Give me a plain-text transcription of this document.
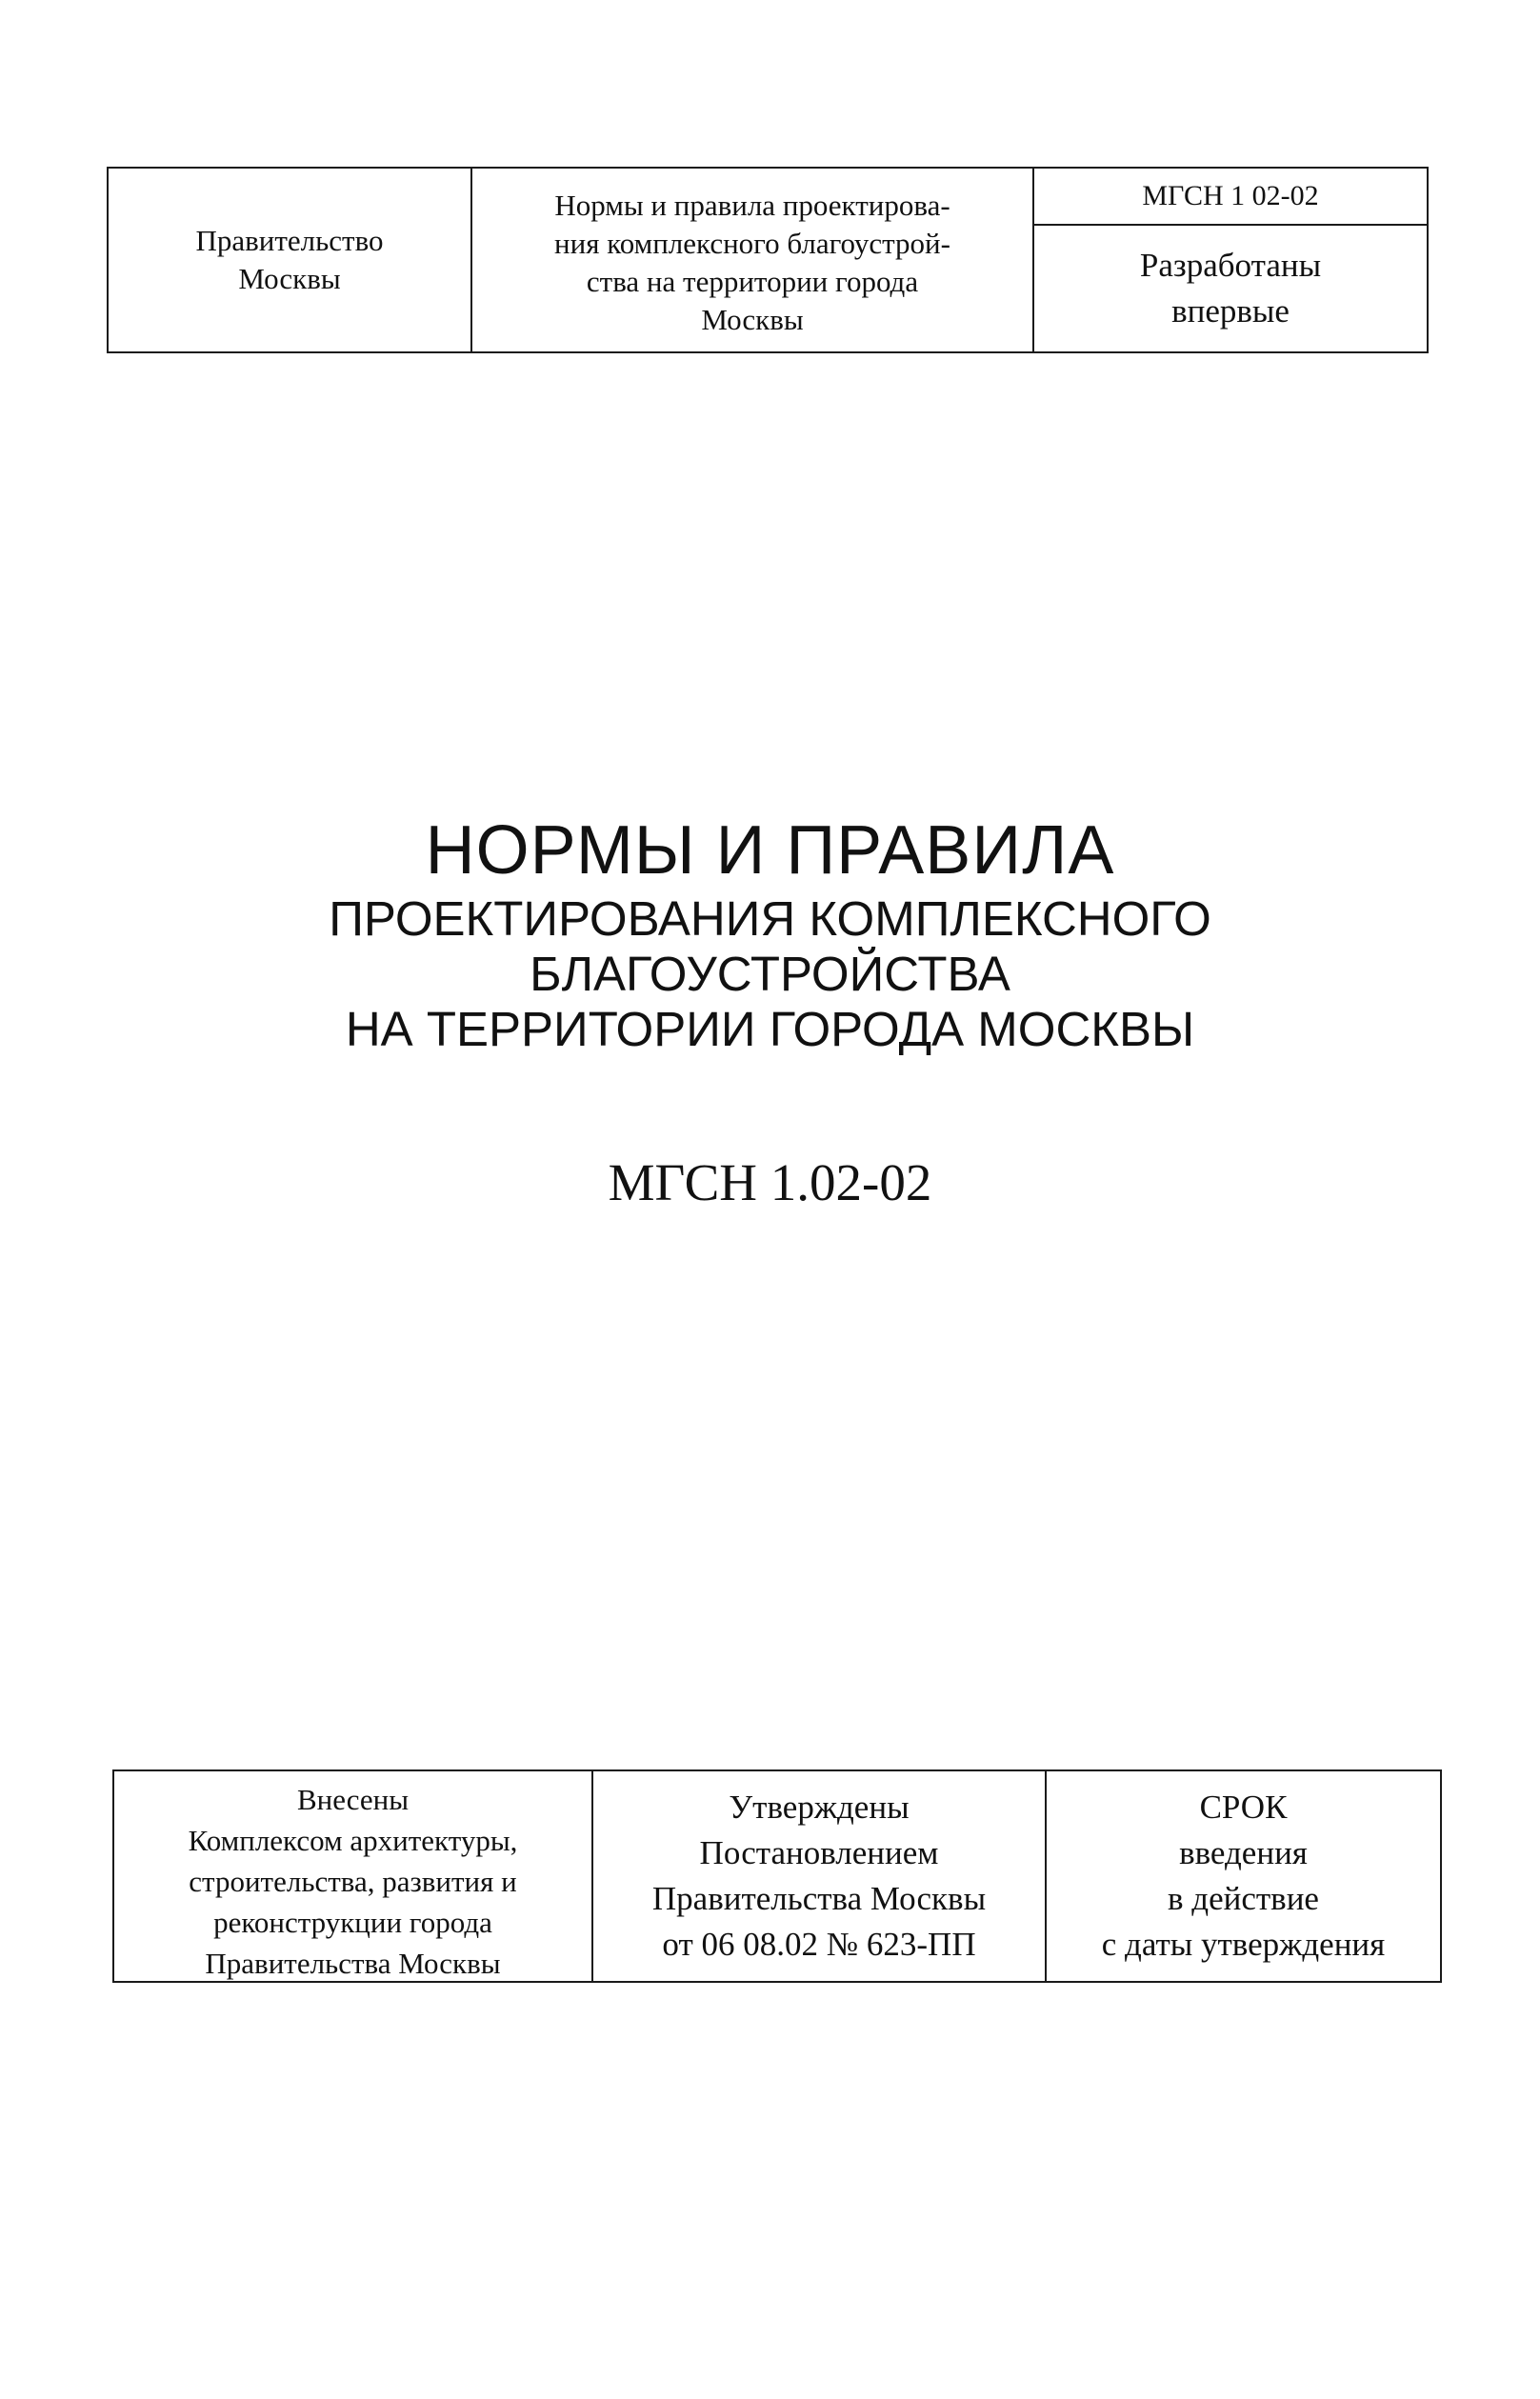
Правительство
Москвы
Нормы и правила проектирова-
ния комплексного благоустрой-
ства на территории города
Москвы
МГСН 1 02-02
Разработаны
впервые
НОРМЫ И ПРАВИЛА
ПРОЕКТИРОВАНИЯ КОМПЛЕКСНОГО
БЛАГОУСТРОЙСТВА
НА ТЕРРИТОРИИ ГОРОДА МОСКВЫ
МГСН 1.02-02
Внесены
Комплексом архитектуры,
строительства, развития и
реконструкции города
Правительства Москвы
Утверждены
Постановлением
Правительства Москвы
от 06 08.02 № 623-ПП
СРОК
введения
в действие
с даты утверждения
